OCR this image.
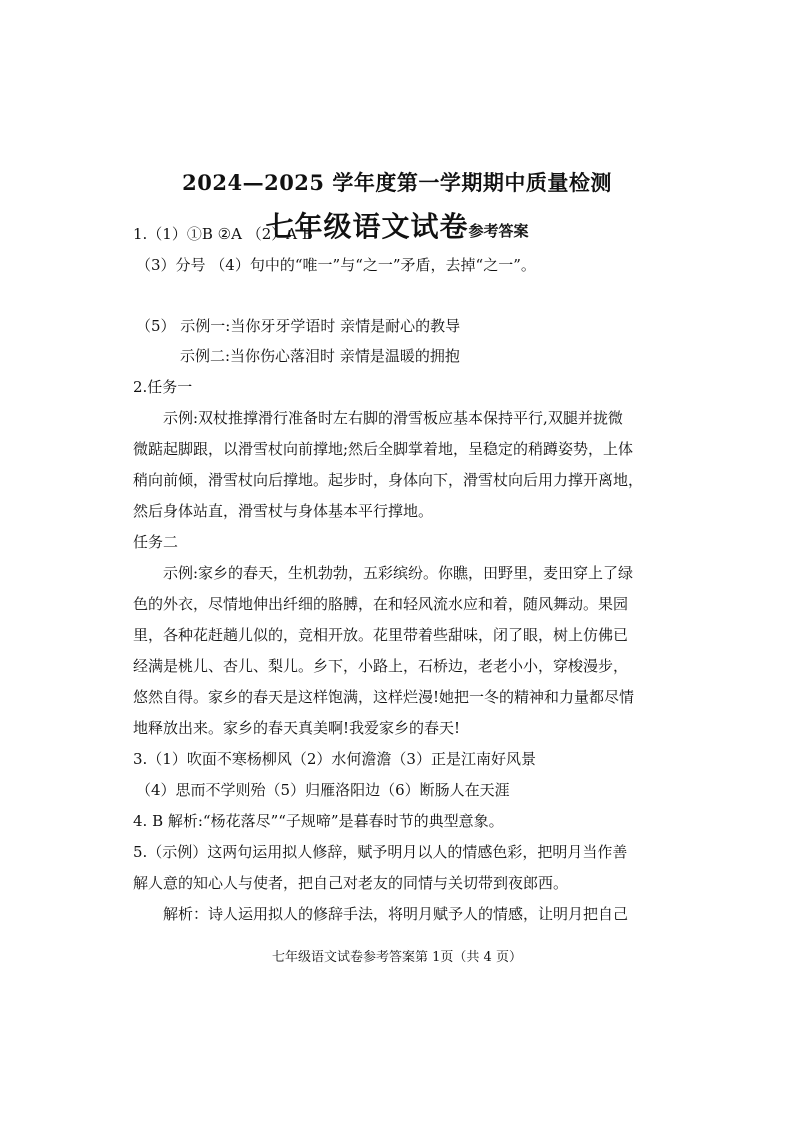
2024—2025 学年度第一学期期中质量检测
七年级语文试卷参考答案
1.（1）①B ②A （2）A B
（3）分号 （4）句中的“唯一”与“之一”矛盾，去掉“之一”。
（5） 示例一:当你牙牙学语时 亲情是耐心的教导
示例二:当你伤心落泪时 亲情是温暖的拥抱
2.任务一
示例:双杖推撑滑行准备时左右脚的滑雪板应基本保持平行,双腿并拢微
微踮起脚跟，以滑雪杖向前撑地;然后全脚掌着地，呈稳定的稍蹲姿势，上体
稍向前倾，滑雪杖向后撑地。起步时，身体向下，滑雪杖向后用力撑开离地，
然后身体站直，滑雪杖与身体基本平行撑地。
任务二
示例:家乡的春天，生机勃勃，五彩缤纷。你瞧，田野里，麦田穿上了绿
色的外衣，尽情地伸出纤细的胳膊，在和轻风流水应和着，随风舞动。果园
里，各种花赶趟儿似的，竞相开放。花里带着些甜味，闭了眼，树上仿佛已
经满是桃儿、杏儿、梨儿。乡下，小路上，石桥边，老老小小，穿梭漫步，
悠然自得。家乡的春天是这样饱满，这样烂漫!她把一冬的精神和力量都尽情
地释放出来。家乡的春天真美啊!我爱家乡的春天!
3.（1）吹面不寒杨柳风（2）水何澹澹（3）正是江南好风景
（4）思而不学则殆（5）归雁洛阳边（6）断肠人在天涯
4. B 解析:“杨花落尽”“子规啼”是暮春时节的典型意象。
5.（示例）这两句运用拟人修辞，赋予明月以人的情感色彩，把明月当作善
解人意的知心人与使者，把自己对老友的同情与关切带到夜郎西。
解析：诗人运用拟人的修辞手法，将明月赋予人的情感，让明月把自己
七年级语文试卷参考答案第 1页（共 4 页）
